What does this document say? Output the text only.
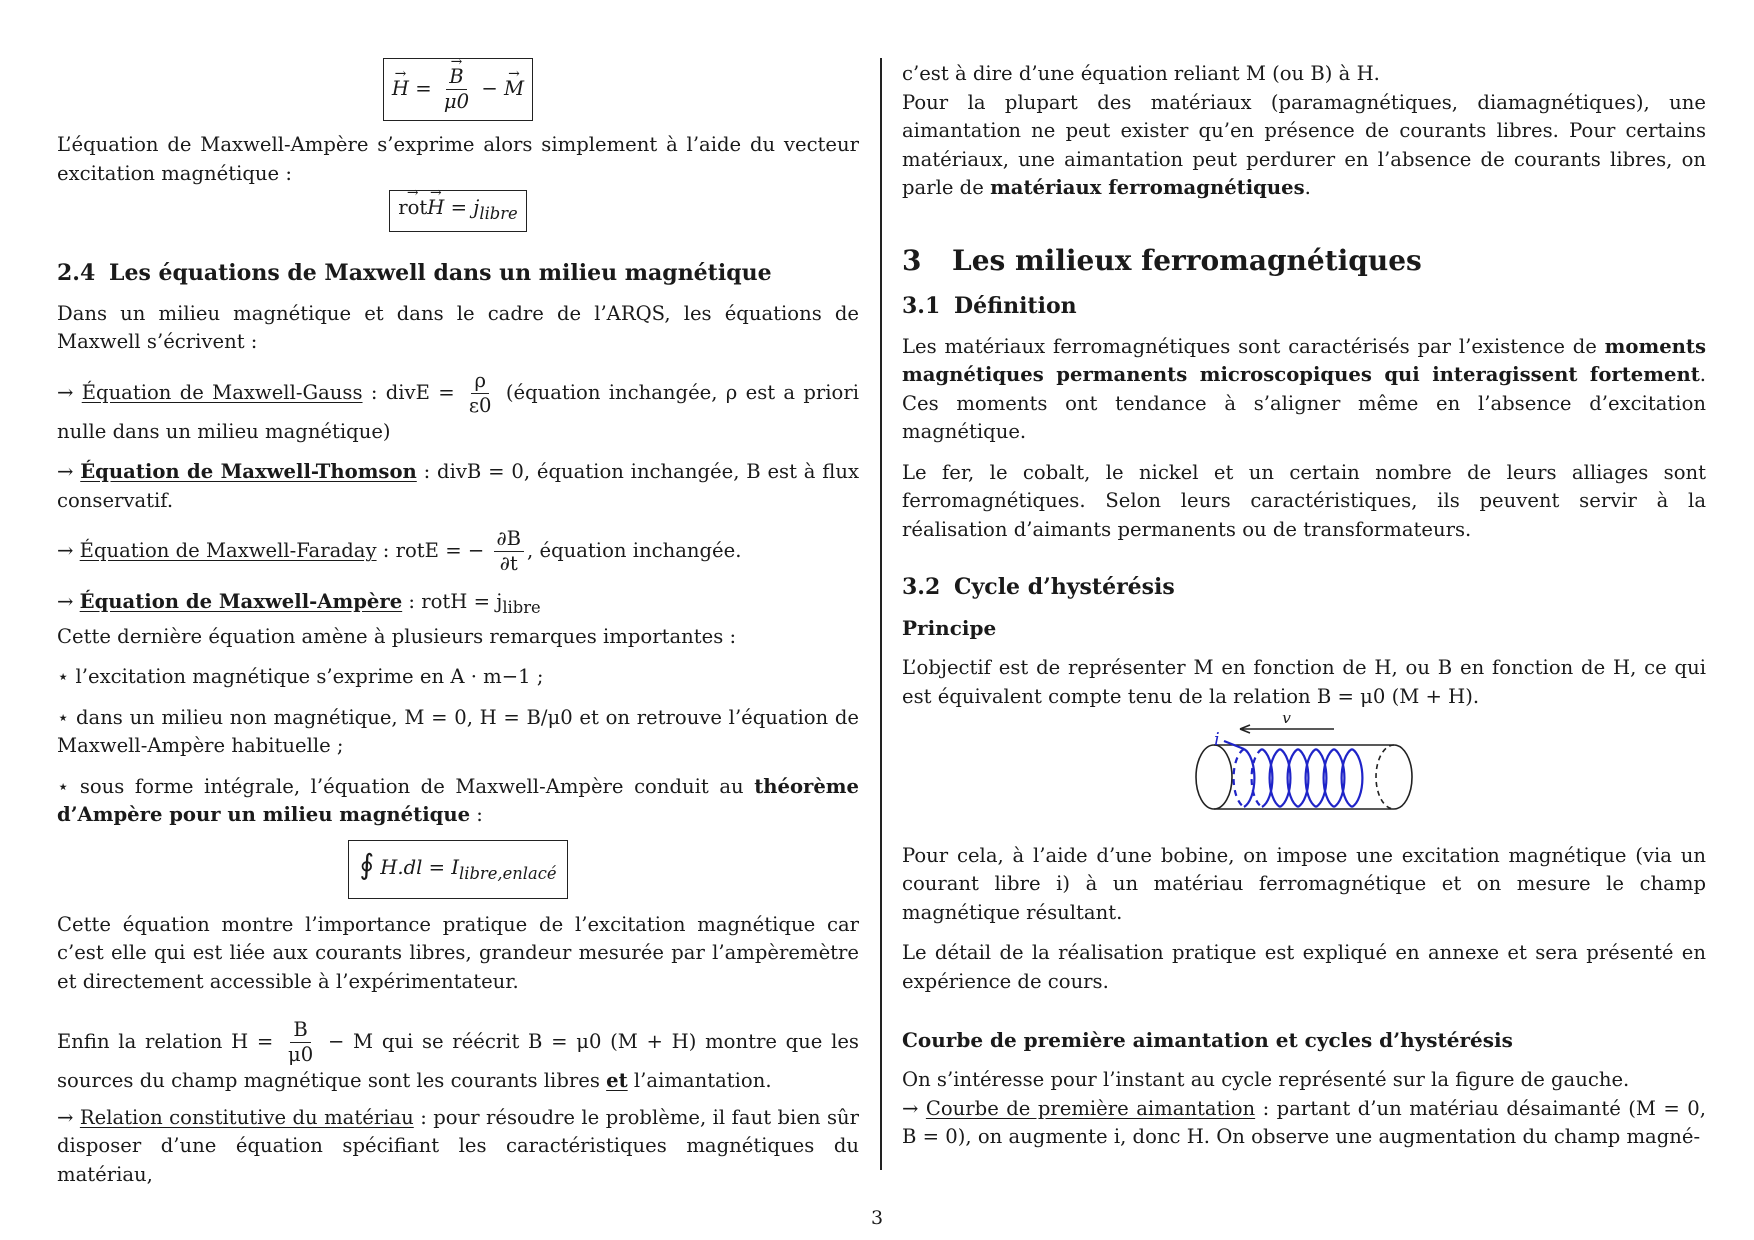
→ H = → $\frac{B}{\mu 0}$ − → M

L’équation de Maxwell-Ampère s’exprime alors simplement à l’aide du vecteur excitation magnétique :

→ $rot\to H = j_{libre}$
2.4 Les équations de Maxwell dans un milieu magnétique

Dans un milieu magnétique et dans le cadre de l’ARQS, les équations de Maxwell s’écrivent :

→ Équation de Maxwell-Gauss : divE = $\frac{\rho}{\varepsilon 0}$ (équation inchangée, ρ est a priori nulle dans un milieu magnétique)

→ Équation de Maxwell-Thomson : divB = 0, équation inchangée, B est à flux conservatif.

→ Équation de Maxwell-Faraday : rotE = − $\frac{\partial B}{\partial t}$ , équation inchangée.

→ Équation de Maxwell-Ampère : rotH = $j_{libre}$

Cette dernière équation amène à plusieurs remarques importantes :

⋆ l’excitation magnétique s’exprime en A · m−1 ;

⋆ dans un milieu non magnétique, M = 0, H = B/μ0 et on retrouve l’équation de Maxwell-Ampère habituelle ;

⋆ sous forme intégrale, l’équation de Maxwell-Ampère conduit au théorème d’Ampère pour un milieu magnétique :

∮ $H.dl = I_{libre,enlacé}$

Cette équation montre l’importance pratique de l’excitation magnétique car c’est elle qui est liée aux courants libres, grandeur mesurée par l’ampèremètre et directement accessible à l’expérimentateur.

Enfin la relation $H = \frac{B}{\mu 0} - M$ qui se réécrit B = μ0 (M + H) montre que les sources du champ magnétique sont les courants libres et l’aimantation.

→ Relation constitutive du matériau : pour résoudre le problème, il faut bien sûr disposer d’une équation spécifiant les caractéristiques magnétiques du matériau,

c’est à dire d’une équation reliant M (ou B) à H.

Pour la plupart des matériaux (paramagnétiques, diamagnétiques), une aimantation ne peut exister qu’en présence de courants libres. Pour certains matériaux, une aimantation peut perdurer en l’absence de courants libres, on parle de matériaux ferromagnétiques.

3 Les milieux ferromagnétiques
3.1 Définition

Les matériaux ferromagnétiques sont caractérisés par l’existence de moments magnétiques permanents microscopiques qui interagissent fortement. Ces moments ont tendance à s’aligner même en l’absence d’excitation magnétique.

Le fer, le cobalt, le nickel et un certain nombre de leurs alliages sont ferromagnétiques. Selon leurs caractéristiques, ils peuvent servir à la réalisation d’aimants permanents ou de transformateurs.

3.2 Cycle d’hystérésis
Principe

L’objectif est de représenter M en fonction de H, ou B en fonction de H, ce qui est équivalent compte tenu de la relation B = μ0 (M + H).

i
v

Pour cela, à l’aide d’une bobine, on impose une excitation magnétique (via un courant libre i) à un matériau ferromagnétique et on mesure le champ magnétique résultant.

Le détail de la réalisation pratique est expliqué en annexe et sera présenté en expérience de cours.

Courbe de première aimantation et cycles d’hystérésis

On s’intéresse pour l’instant au cycle représenté sur la figure de gauche.

→ Courbe de première aimantation : partant d’un matériau désaimanté (M = 0, B = 0), on augmente i, donc H. On observe une augmentation du champ magné-

3
